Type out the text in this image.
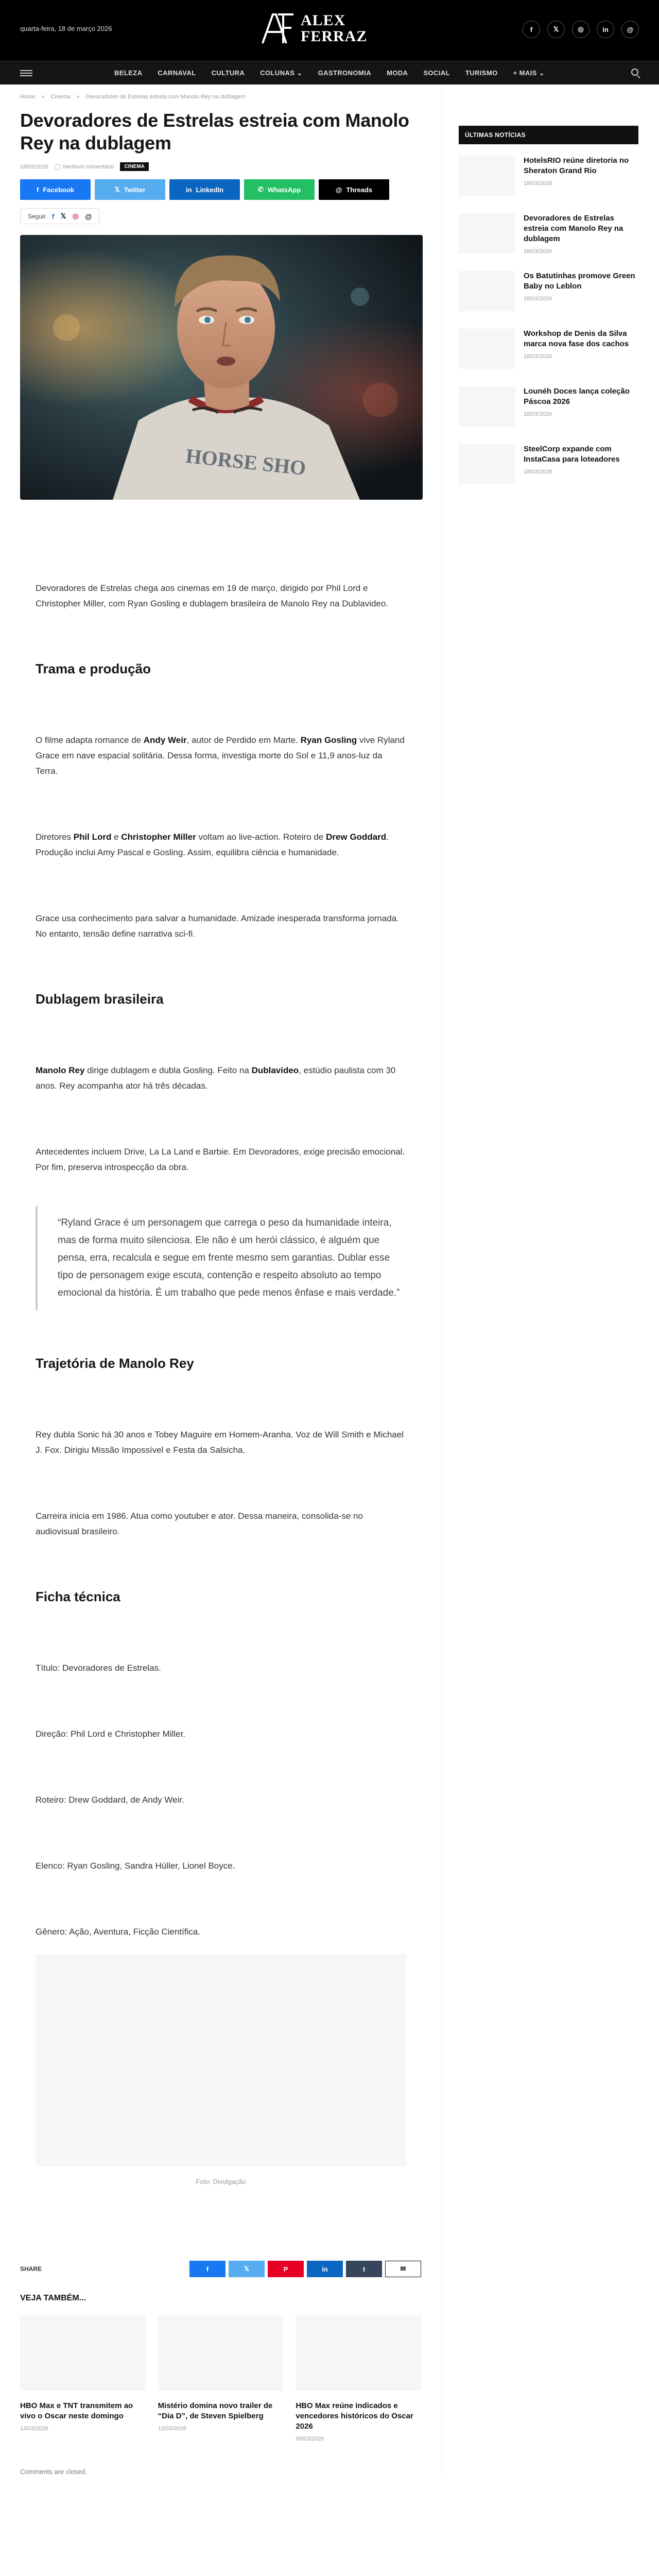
quarta-feira, 18 de março 2026	ALEX
FERRAZ	f	𝕏	◎	in	@
BELEZA CARNAVAL CULTURA COLUNAS ⌄ GASTRONOMIA MODA SOCIAL TURISMO + MAIS ⌄
Home » Cinema » Devoradores de Estrelas estreia com Manolo Rey na dublagem
Devoradores de Estrelas estreia com Manolo Rey na dublagem
18/03/2026 ◯ Nenhum comentário	CINEMA
f Facebook	𝕏 Twitter	in LinkedIn	✆ WhatsApp	@ Threads
Seguir f 𝕏 ◎ @
HORSE SHO

Devoradores de Estrelas chega aos cinemas em 19 de março, dirigido por Phil Lord e Christopher Miller, com Ryan Gosling e dublagem brasileira de Manolo Rey na Dublavideo.

Trama e produção

O filme adapta romance de Andy Weir, autor de Perdido em Marte. Ryan Gosling vive Ryland Grace em nave espacial solitária. Dessa forma, investiga morte do Sol e 11,9 anos-luz da Terra.

Diretores Phil Lord e Christopher Miller voltam ao live-action. Roteiro de Drew Goddard. Produção inclui Amy Pascal e Gosling. Assim, equilibra ciência e humanidade.

Grace usa conhecimento para salvar a humanidade. Amizade inesperada transforma jornada. No entanto, tensão define narrativa sci-fi.

Dublagem brasileira

Manolo Rey dirige dublagem e dubla Gosling. Feito na Dublavideo, estúdio paulista com 30 anos. Rey acompanha ator há três décadas.

Antecedentes incluem Drive, La La Land e Barbie. Em Devoradores, exige precisão emocional. Por fim, preserva introspecção da obra.

“Ryland Grace é um personagem que carrega o peso da humanidade inteira, mas de forma muito silenciosa. Ele não é um herói clássico, é alguém que pensa, erra, recalcula e segue em frente mesmo sem garantias. Dublar esse tipo de personagem exige escuta, contenção e respeito absoluto ao tempo emocional da história. É um trabalho que pede menos ênfase e mais verdade.”

Trajetória de Manolo Rey

Rey dubla Sonic há 30 anos e Tobey Maguire em Homem-Aranha. Voz de Will Smith e Michael J. Fox. Dirigiu Missão Impossível e Festa da Salsicha.

Carreira inicia em 1986. Atua como youtuber e ator. Dessa maneira, consolida-se no audiovisual brasileiro.

Ficha técnica

Título: Devoradores de Estrelas.

Direção: Phil Lord e Christopher Miller.

Roteiro: Drew Goddard, de Andy Weir.

Elenco: Ryan Gosling, Sandra Hüller, Lionel Boyce.

Gênero: Ação, Aventura, Ficção Científica.

Foto: Divulgação
SHARE	f	𝕏	P	in	t	✉
VEJA TAMBÉM...
HBO Max e TNT transmitem ao vivo o Oscar neste domingo
13/03/2026
Mistério domina novo trailer de “Dia D”, de Steven Spielberg
12/03/2026
HBO Max reúne indicados e vencedores históricos do Oscar 2026
05/03/2026
Comments are closed.
ÚLTIMAS NOTÍCIAS
HotelsRIO reúne diretoria no Sheraton Grand Rio
18/03/2026
Devoradores de Estrelas estreia com Manolo Rey na dublagem
18/03/2026
Os Batutinhas promove Green Baby no Leblon
18/03/2026
Workshop de Denis da Silva marca nova fase dos cachos
18/03/2026
Lounéh Doces lança coleção Páscoa 2026
18/03/2026
SteelCorp expande com InstaCasa para loteadores
18/03/2026
